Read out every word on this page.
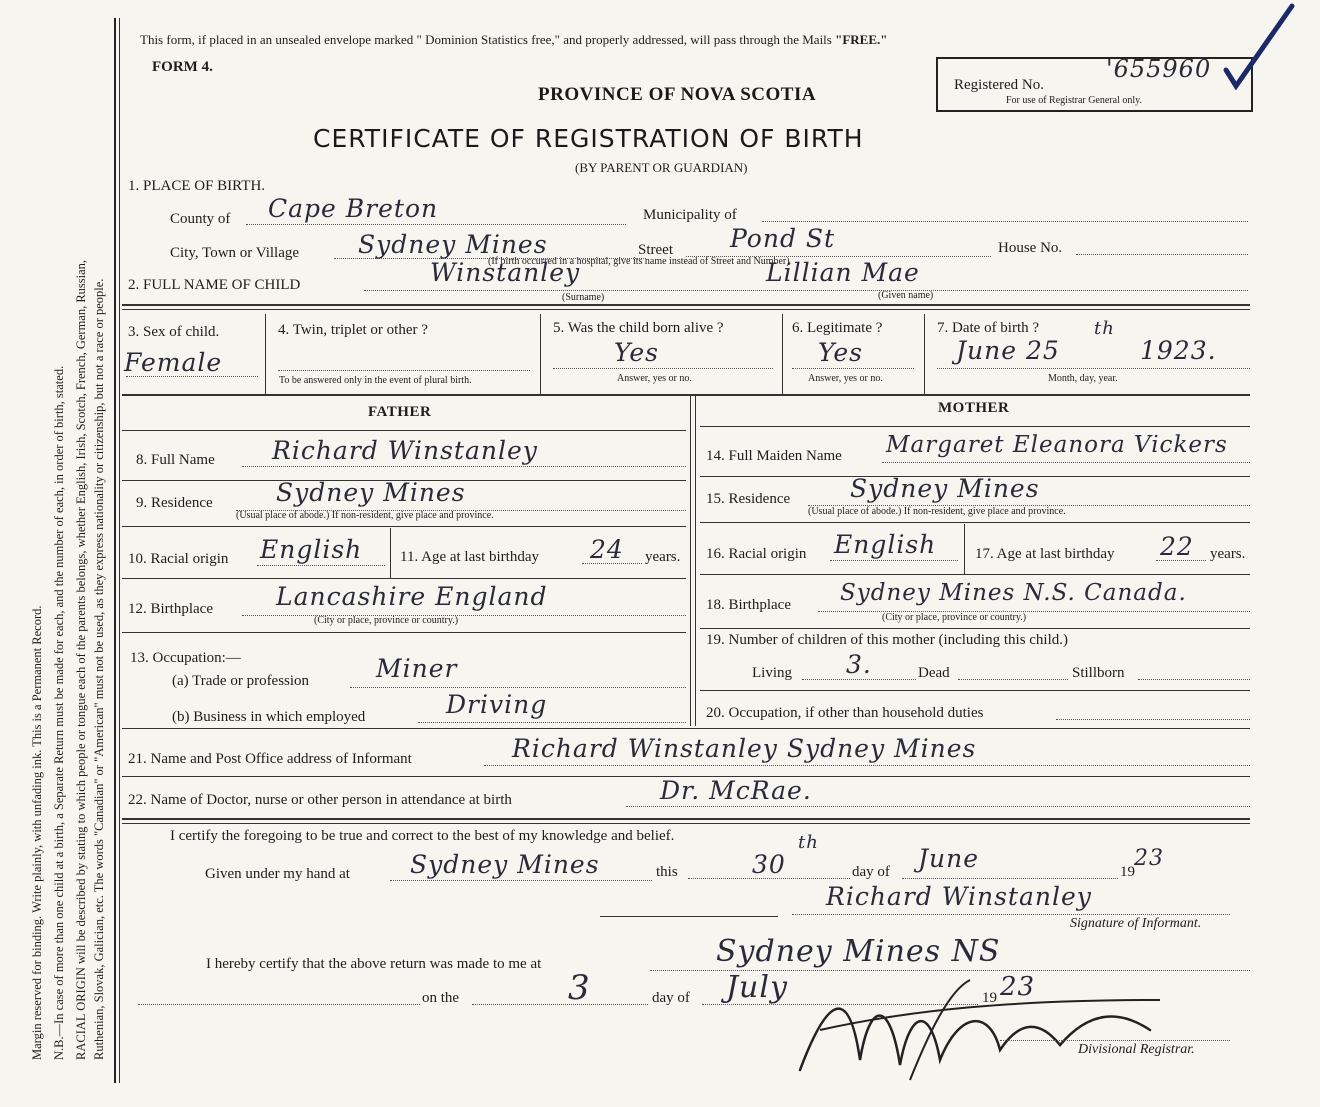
Margin reserved for binding. Write plainly, with unfading ink. This is a Permanent Record. N.B.—In case of more than one child at a birth, a Separate Return must be made for each, and the number of each, in order of birth, stated. RACIAL ORIGIN will be described by stating to which people or tongue each of the parents belongs, whether English, Irish, Scotch, French, German, Russian, Ruthenian, Slovak, Galician, etc. The words "Canadian" or "American" must not be used, as they express nationality or citizenship, but not a race or people.
This form, if placed in an unsealed envelope marked " Dominion Statistics free," and properly addressed, will pass through the Mails "FREE."
FORM 4.
PROVINCE OF NOVA SCOTIA	Registered No.
'655960
For use of Registrar General only.
CERTIFICATE OF REGISTRATION OF BIRTH
(BY PARENT OR GUARDIAN)
1. PLACE OF BIRTH.
County of Cape Breton	Municipality of
City, Town or Village Sydney Mines	Street Pond St	House No.
(If birth occurred in a hospital, give its name instead of Street and Number)
2. FULL NAME OF CHILD	Winstanley
(Surname)
Lillian Mae
(Given name)
3. Sex of child.
Female
4. Twin, triplet or other ?
To be answered only in the event of plural birth.
5. Was the child born alive ?
Yes
Answer, yes or no.
6. Legitimate ?
Yes
Answer, yes or no.
7. Date of birth ?
June 25
th
1923.
Month, day, year.
FATHER	MOTHER
8. Full Name Richard Winstanley
9. Residence	Sydney Mines
(Usual place of abode.) If non-resident, give place and province.
10. Racial origin English	11. Age at last birthday 24 years.
12. Birthplace	Lancashire England
(City or place, province or country.)
13. Occupation:—
(a) Trade or profession	Miner
(b) Business in which employed	Driving
14. Full Maiden Name Margaret Eleanora Vickers
15. Residence Sydney Mines
(Usual place of abode.) If non-resident, give place and province.
16. Racial origin English	17. Age at last birthday 22 years.
18. Birthplace Sydney Mines N.S. Canada.
(City or place, province or country.)
19. Number of children of this mother (including this child.)
Living 3.	Dead	Stillborn
20. Occupation, if other than household duties
21. Name and Post Office address of Informant	Richard Winstanley Sydney Mines
22. Name of Doctor, nurse or other person in attendance at birth	Dr. McRae.
I certify the foregoing to be true and correct to the best of my knowledge and belief.
Given under my hand at Sydney Mines	this	30
th
day of June	19
23
Richard Winstanley
Signature of Informant.
I hereby certify that the above return was made to me at	Sydney Mines NS
on the	3	day of July	19 23
Divisional Registrar.
